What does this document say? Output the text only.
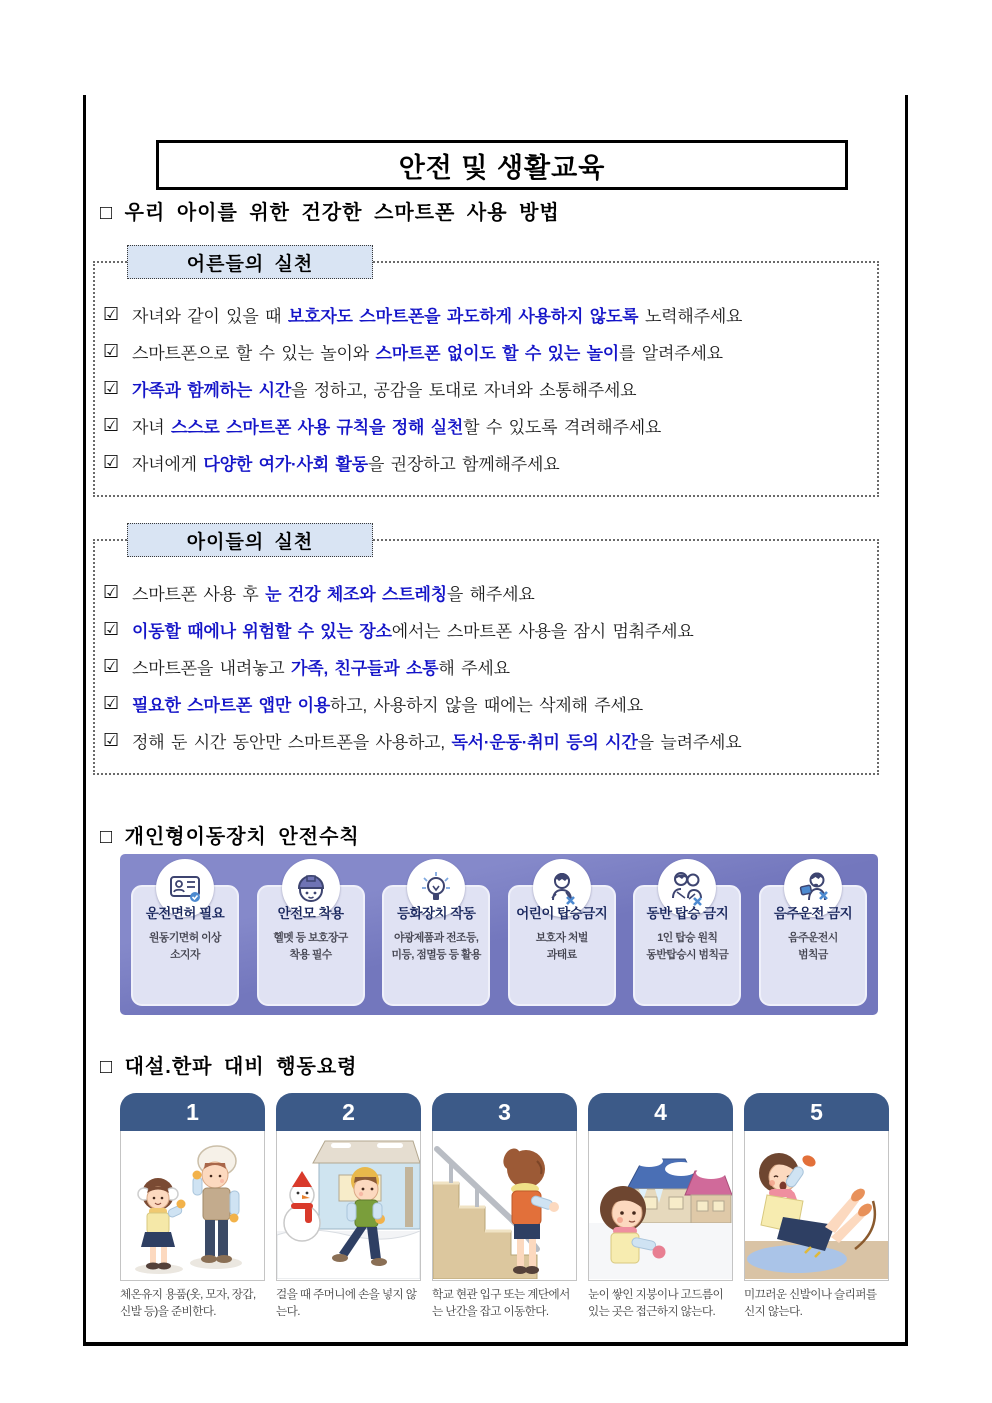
안전 및 생활교육
□ 우리 아이를 위한 건강한 스마트폰 사용 방법
어른들의 실천
☑ 자녀와 같이 있을 때 보호자도 스마트폰을 과도하게 사용하지 않도록 노력해주세요
☑ 스마트폰으로 할 수 있는 놀이와 스마트폰 없이도 할 수 있는 놀이를 알려주세요
☑ 가족과 함께하는 시간을 정하고, 공감을 토대로 자녀와 소통해주세요
☑ 자녀 스스로 스마트폰 사용 규칙을 정해 실천할 수 있도록 격려해주세요
☑ 자녀에게 다양한 여가·사회 활동을 권장하고 함께해주세요
아이들의 실천
☑ 스마트폰 사용 후 눈 건강 체조와 스트레칭을 해주세요
☑ 이동할 때에나 위험할 수 있는 장소에서는 스마트폰 사용을 잠시 멈춰주세요
☑ 스마트폰을 내려놓고 가족, 친구들과 소통해 주세요
☑ 필요한 스마트폰 앱만 이용하고, 사용하지 않을 때에는 삭제해 주세요
☑ 정해 둔 시간 동안만 스마트폰을 사용하고, 독서·운동·취미 등의 시간을 늘려주세요
□ 개인형이동장치 안전수칙
운전면허 필요
원동기면허 이상
소지자
안전모 착용
헬멧 등 보호장구
착용 필수
등화장치 작동
야광제품과 전조등,
미등, 점멸등 등 활용
어린이 탑승금지
보호자 처벌
과태료
동반 탑승 금지
1인 탑승 원칙
동반탑승시 범칙금
음주운전 금지
음주운전시
범칙금
□ 대설.한파 대비 행동요령
1
체온유지 용품(옷, 모자, 장갑, 신발 등)을 준비한다.
2
걸을 때 주머니에 손을 넣지 않는다.
3
학교 현관 입구 또는 계단에서는 난간을 잡고 이동한다.
4
눈이 쌓인 지붕이나 고드름이 있는 곳은 접근하지 않는다.
5
미끄러운 신발이나 슬리퍼를 신지 않는다.
